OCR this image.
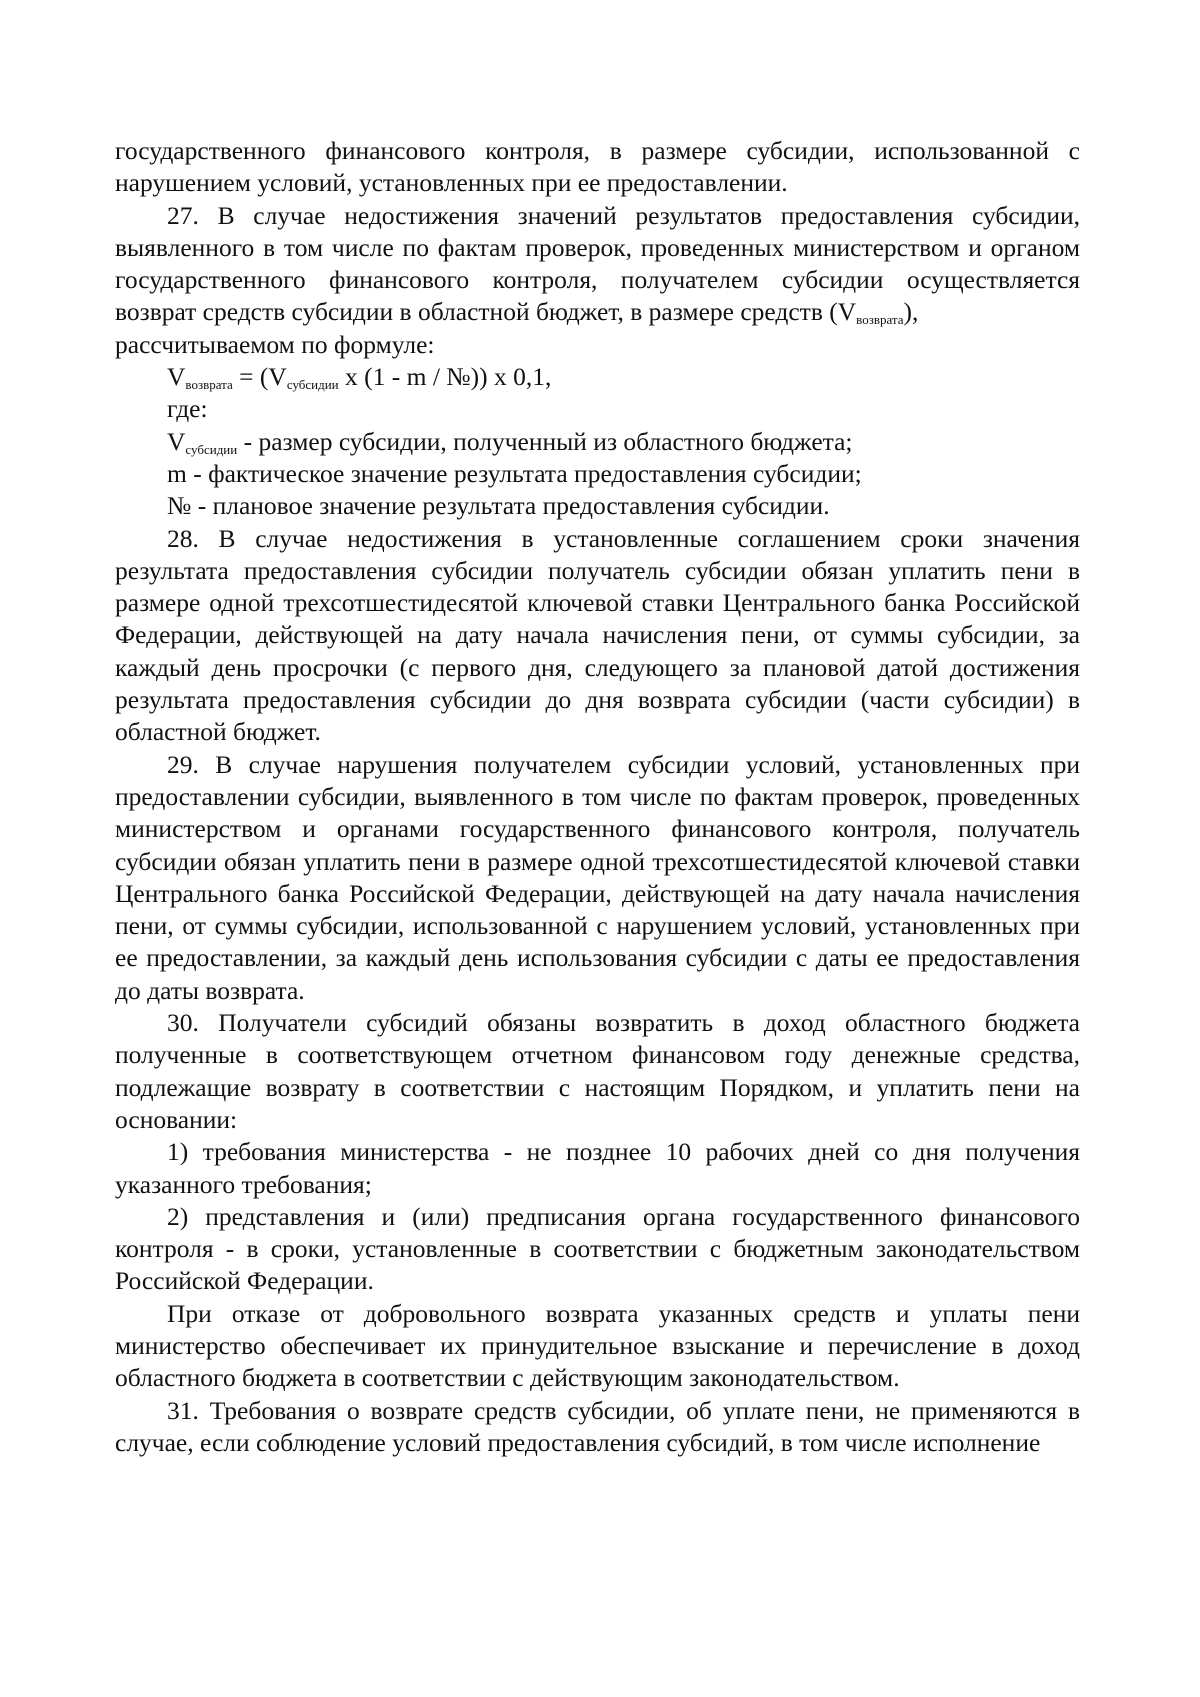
государственного финансового контроля, в размере субсидии, использованной с нарушением условий, установленных при ее предоставлении.

27. В случае недостижения значений результатов предоставления субсидии, выявленного в том числе по фактам проверок, проведенных министерством и органом государственного финансового контроля, получателем субсидии осуществляется возврат средств субсидии в областной бюджет, в размере средств $(V_{возврата})$,

рассчитываемом по формуле:

$V_{возврата} = (V_{субсидии}$ x (1 - m / №)) x 0,1,

где:

$V_{субсидии}$ - размер субсидии, полученный из областного бюджета;

m - фактическое значение результата предоставления субсидии;

№ - плановое значение результата предоставления субсидии.

28. В случае недостижения в установленные соглашением сроки значения результата предоставления субсидии получатель субсидии обязан уплатить пени в размере одной трехсотшестидесятой ключевой ставки Центрального банка Российской Федерации, действующей на дату начала начисления пени, от суммы субсидии, за каждый день просрочки (с первого дня, следующего за плановой датой достижения результата предоставления субсидии до дня возврата субсидии (части субсидии) в областной бюджет.

29. В случае нарушения получателем субсидии условий, установленных при предоставлении субсидии, выявленного в том числе по фактам проверок, проведенных министерством и органами государственного финансового контроля, получатель субсидии обязан уплатить пени в размере одной трехсотшестидесятой ключевой ставки Центрального банка Российской Федерации, действующей на дату начала начисления пени, от суммы субсидии, использованной с нарушением условий, установленных при ее предоставлении, за каждый день использования субсидии с даты ее предоставления до даты возврата.

30. Получатели субсидий обязаны возвратить в доход областного бюджета полученные в соответствующем отчетном финансовом году денежные средства, подлежащие возврату в соответствии с настоящим Порядком, и уплатить пени на основании:

1) требования министерства - не позднее 10 рабочих дней со дня получения указанного требования;

2) представления и (или) предписания органа государственного финансового контроля - в сроки, установленные в соответствии с бюджетным законодательством Российской Федерации.

При отказе от добровольного возврата указанных средств и уплаты пени министерство обеспечивает их принудительное взыскание и перечисление в доход областного бюджета в соответствии с действующим законодательством.

31. Требования о возврате средств субсидии, об уплате пени, не применяются в случае, если соблюдение условий предоставления субсидий, в том числе исполнение
